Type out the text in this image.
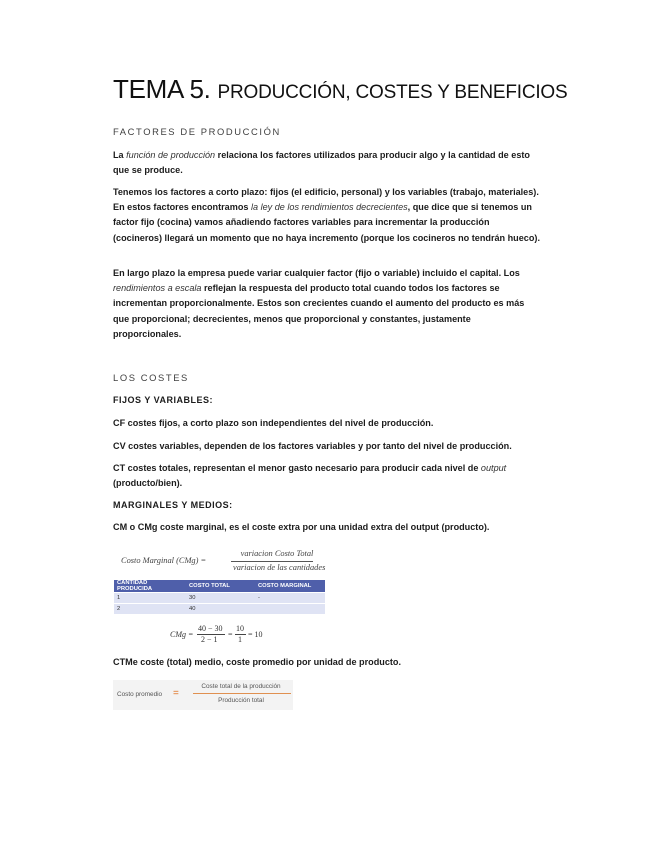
TEMA 5. PRODUCCIÓN, COSTES Y BENEFICIOS
FACTORES DE PRODUCCIÓN
La función de producción relaciona los factores utilizados para producir algo y la cantidad de esto que se produce.
Tenemos los factores a corto plazo: fijos (el edificio, personal) y los variables (trabajo, materiales). En estos factores encontramos la ley de los rendimientos decrecientes, que dice que si tenemos un factor fijo (cocina) vamos añadiendo factores variables para incrementar la producción (cocineros) llegará un momento que no haya incremento (porque los cocineros no tendrán hueco).
En largo plazo la empresa puede variar cualquier factor (fijo o variable) incluido el capital. Los rendimientos a escala reflejan la respuesta del producto total cuando todos los factores se incrementan proporcionalmente. Estos son crecientes cuando el aumento del producto es más que proporcional; decrecientes, menos que proporcional y constantes, justamente proporcionales.
LOS COSTES
FIJOS Y VARIABLES:
CF costes fijos, a corto plazo son independientes del nivel de producción.
CV costes variables, dependen de los factores variables y por tanto del nivel de producción.
CT costes totales, representan el menor gasto necesario para producir cada nivel de output (producto/bien).
MARGINALES Y MEDIOS:
CM o CMg coste marginal, es el coste extra por una unidad extra del output (producto).
CTMe coste (total) medio, coste promedio por unidad de producto.
Costo Marginal (CMg) =
variacion Costo Total
variacion de las cantidades
CANTIDAD PRODUCIDA	COSTO TOTAL	COSTO MARGINAL
1	30	-
2	40	
CMg =
40 − 30
2 − 1
=
10
1
= 10
Costo promedio =
Coste total de la producción
Producción total
